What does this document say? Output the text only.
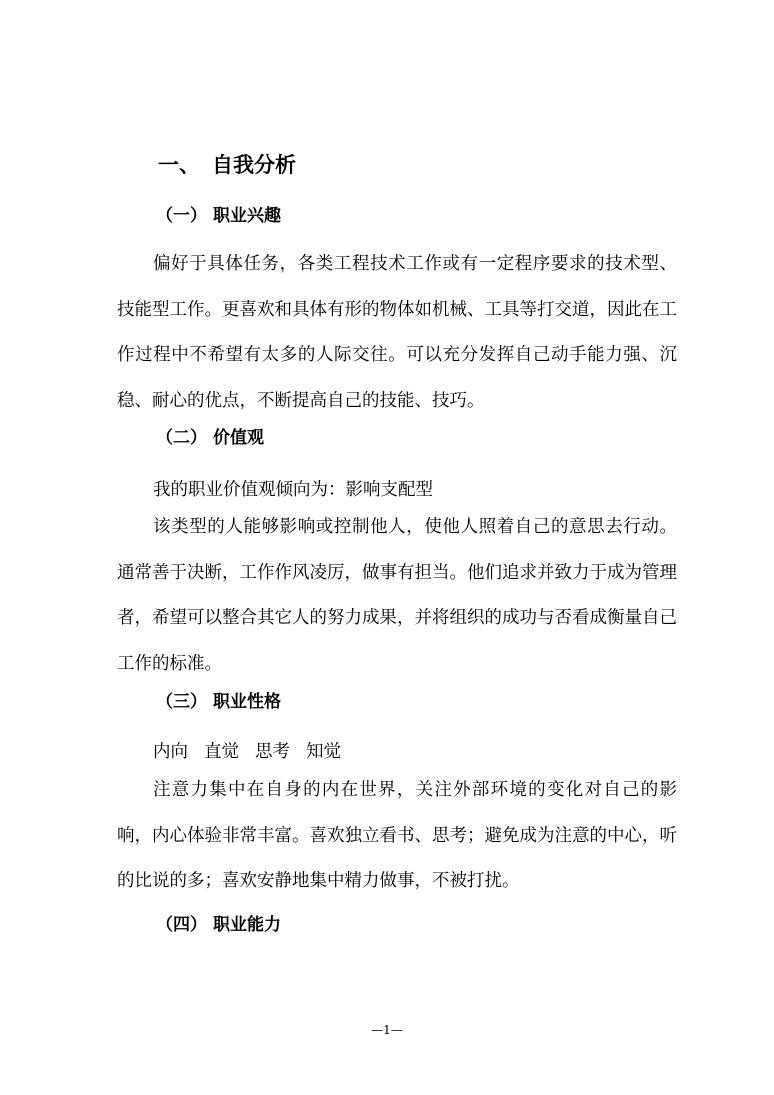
一、 自我分析
（一） 职业兴趣

偏好于具体任务，各类工程技术工作或有一定程序要求的技术型、技能型工作。更喜欢和具体有形的物体如机械、工具等打交道，因此在工作过程中不希望有太多的人际交往。可以充分发挥自己动手能力强、沉稳、耐心的优点，不断提高自己的技能、技巧。

（二） 价值观

我的职业价值观倾向为：影响支配型

该类型的人能够影响或控制他人，使他人照着自己的意思去行动。通常善于决断，工作作风凌厉，做事有担当。他们追求并致力于成为管理者，希望可以整合其它人的努力成果，并将组织的成功与否看成衡量自己工作的标准。

（三） 职业性格

内向 直觉 思考 知觉

注意力集中在自身的内在世界，关注外部环境的变化对自己的影响，内心体验非常丰富。喜欢独立看书、思考；避免成为注意的中心，听的比说的多；喜欢安静地集中精力做事，不被打扰。

（四） 职业能力
—1—
